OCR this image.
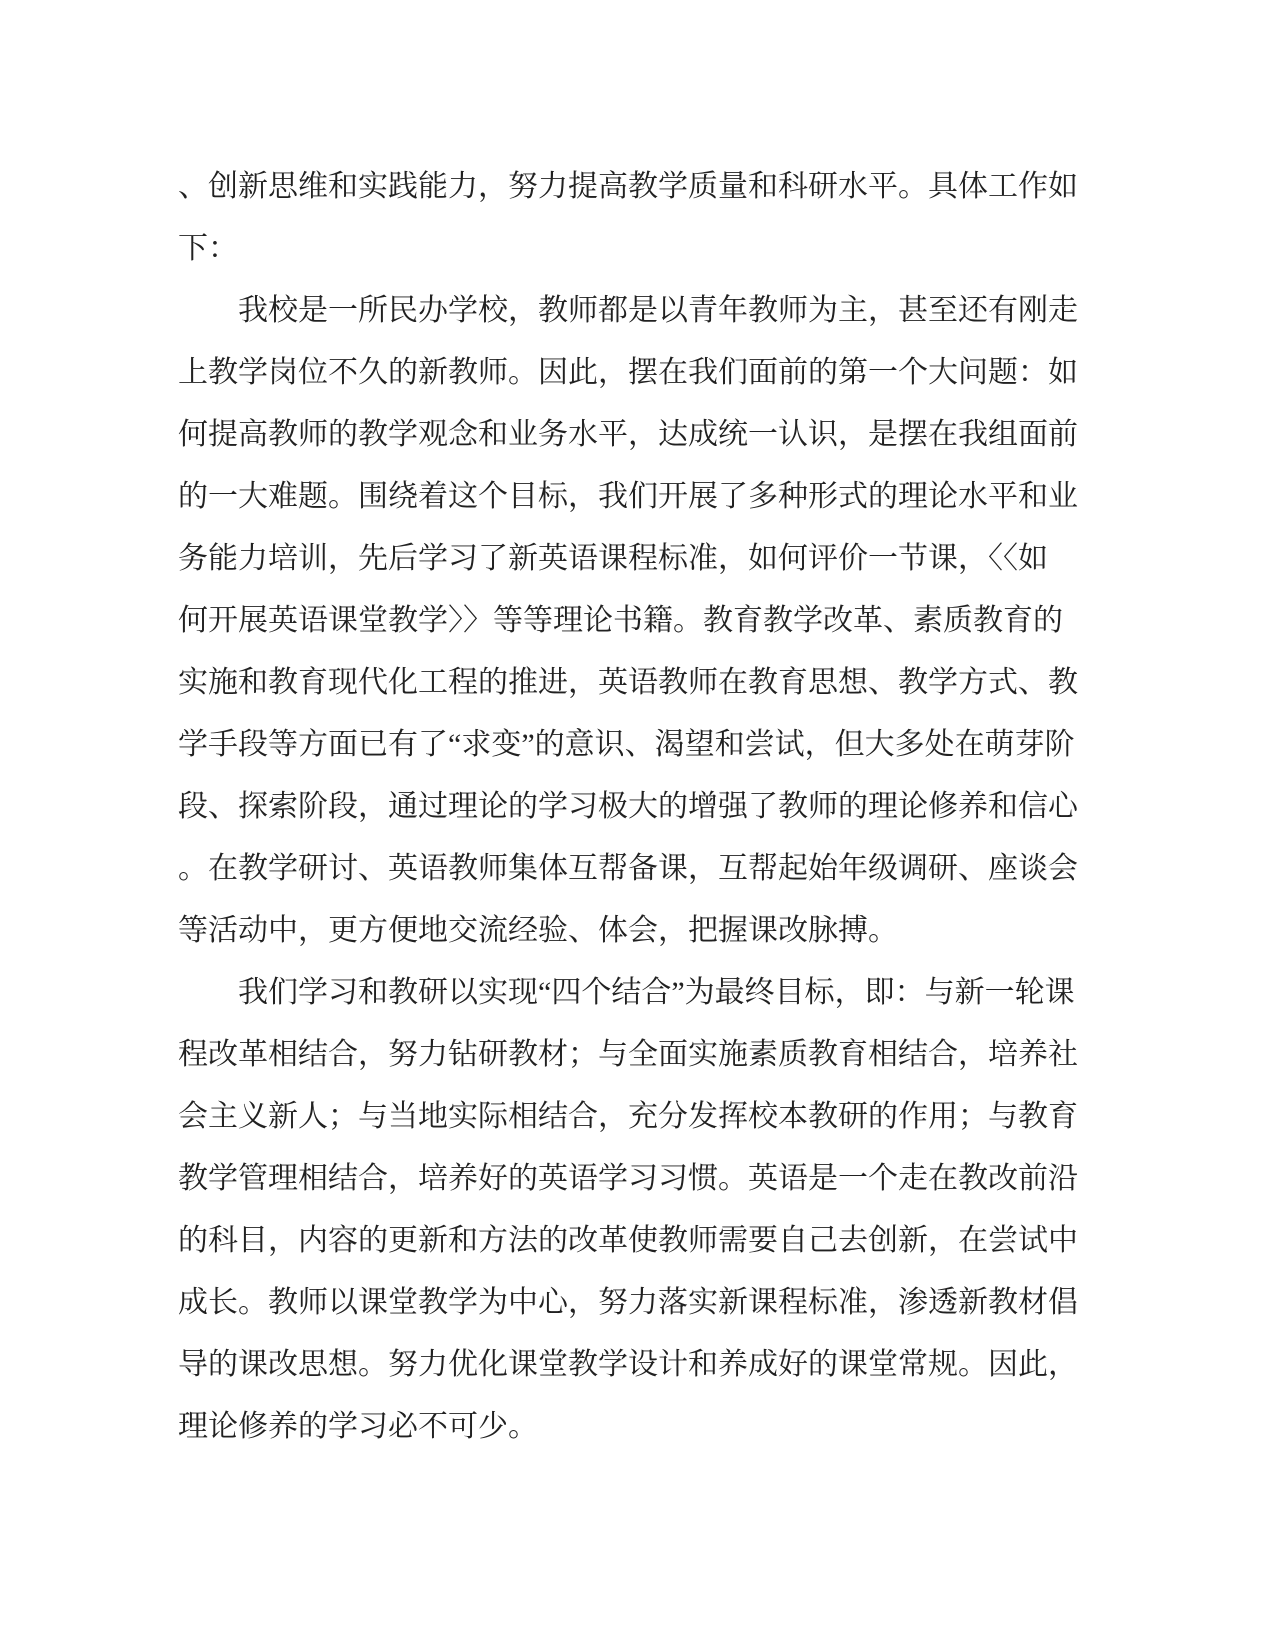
、创新思维和实践能力，努力提高教学质量和科研水平。具体工作如
下：
　　我校是一所民办学校，教师都是以青年教师为主，甚至还有刚走
上教学岗位不久的新教师。因此，摆在我们面前的第一个大问题：如
何提高教师的教学观念和业务水平，达成统一认识，是摆在我组面前
的一大难题。围绕着这个目标，我们开展了多种形式的理论水平和业
务能力培训，先后学习了新英语课程标准，如何评价一节课，〈〈如
何开展英语课堂教学〉〉等等理论书籍。教育教学改革、素质教育的
实施和教育现代化工程的推进，英语教师在教育思想、教学方式、教
学手段等方面已有了“求变”的意识、渴望和尝试，但大多处在萌芽阶
段、探索阶段，通过理论的学习极大的增强了教师的理论修养和信心
。在教学研讨、英语教师集体互帮备课，互帮起始年级调研、座谈会
等活动中，更方便地交流经验、体会，把握课改脉搏。
　　我们学习和教研以实现“四个结合”为最终目标，即：与新一轮课
程改革相结合，努力钻研教材；与全面实施素质教育相结合，培养社
会主义新人；与当地实际相结合，充分发挥校本教研的作用；与教育
教学管理相结合，培养好的英语学习习惯。英语是一个走在教改前沿
的科目，内容的更新和方法的改革使教师需要自己去创新，在尝试中
成长。教师以课堂教学为中心，努力落实新课程标准，渗透新教材倡
导的课改思想。努力优化课堂教学设计和养成好的课堂常规。因此，
理论修养的学习必不可少。
